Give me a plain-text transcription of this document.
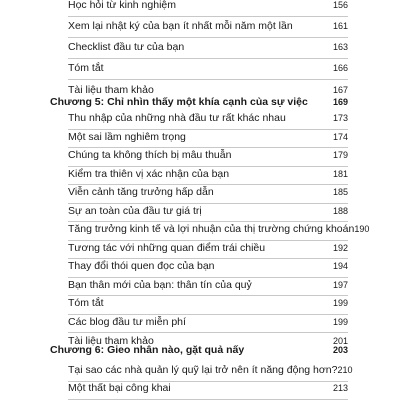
Học hỏi từ kinh nghiệm	156
Xem lại nhật ký của bạn ít nhất mỗi năm một lần	161
Checklist đầu tư của bạn	163
Tóm tắt	166
Tài liệu tham khảo	167
Chương 5: Chỉ nhìn thấy một khía cạnh của sự việc	169
Thu nhập của những nhà đầu tư rất khác nhau	173
Một sai lầm nghiêm trọng	174
Chúng ta không thích bị mâu thuẫn	179
Kiểm tra thiên vị xác nhận của bạn	181
Viễn cảnh tăng trưởng hấp dẫn	185
Sự an toàn của đầu tư giá trị	188
Tăng trưởng kinh tế và lợi nhuận của thị trường chứng khoán 190
Tương tác với những quan điểm trái chiều	192
Thay đổi thói quen đọc của bạn	194
Bạn thân mới của bạn: thân tín của quỷ	197
Tóm tắt	199
Các blog đầu tư miễn phí	199
Tài liệu tham khảo	201
Chương 6: Gieo nhân nào, gặt quả nấy	203
Tại sao các nhà quản lý quỹ lại trở nên ít năng động hơn? 210
Một thất bại công khai	213
